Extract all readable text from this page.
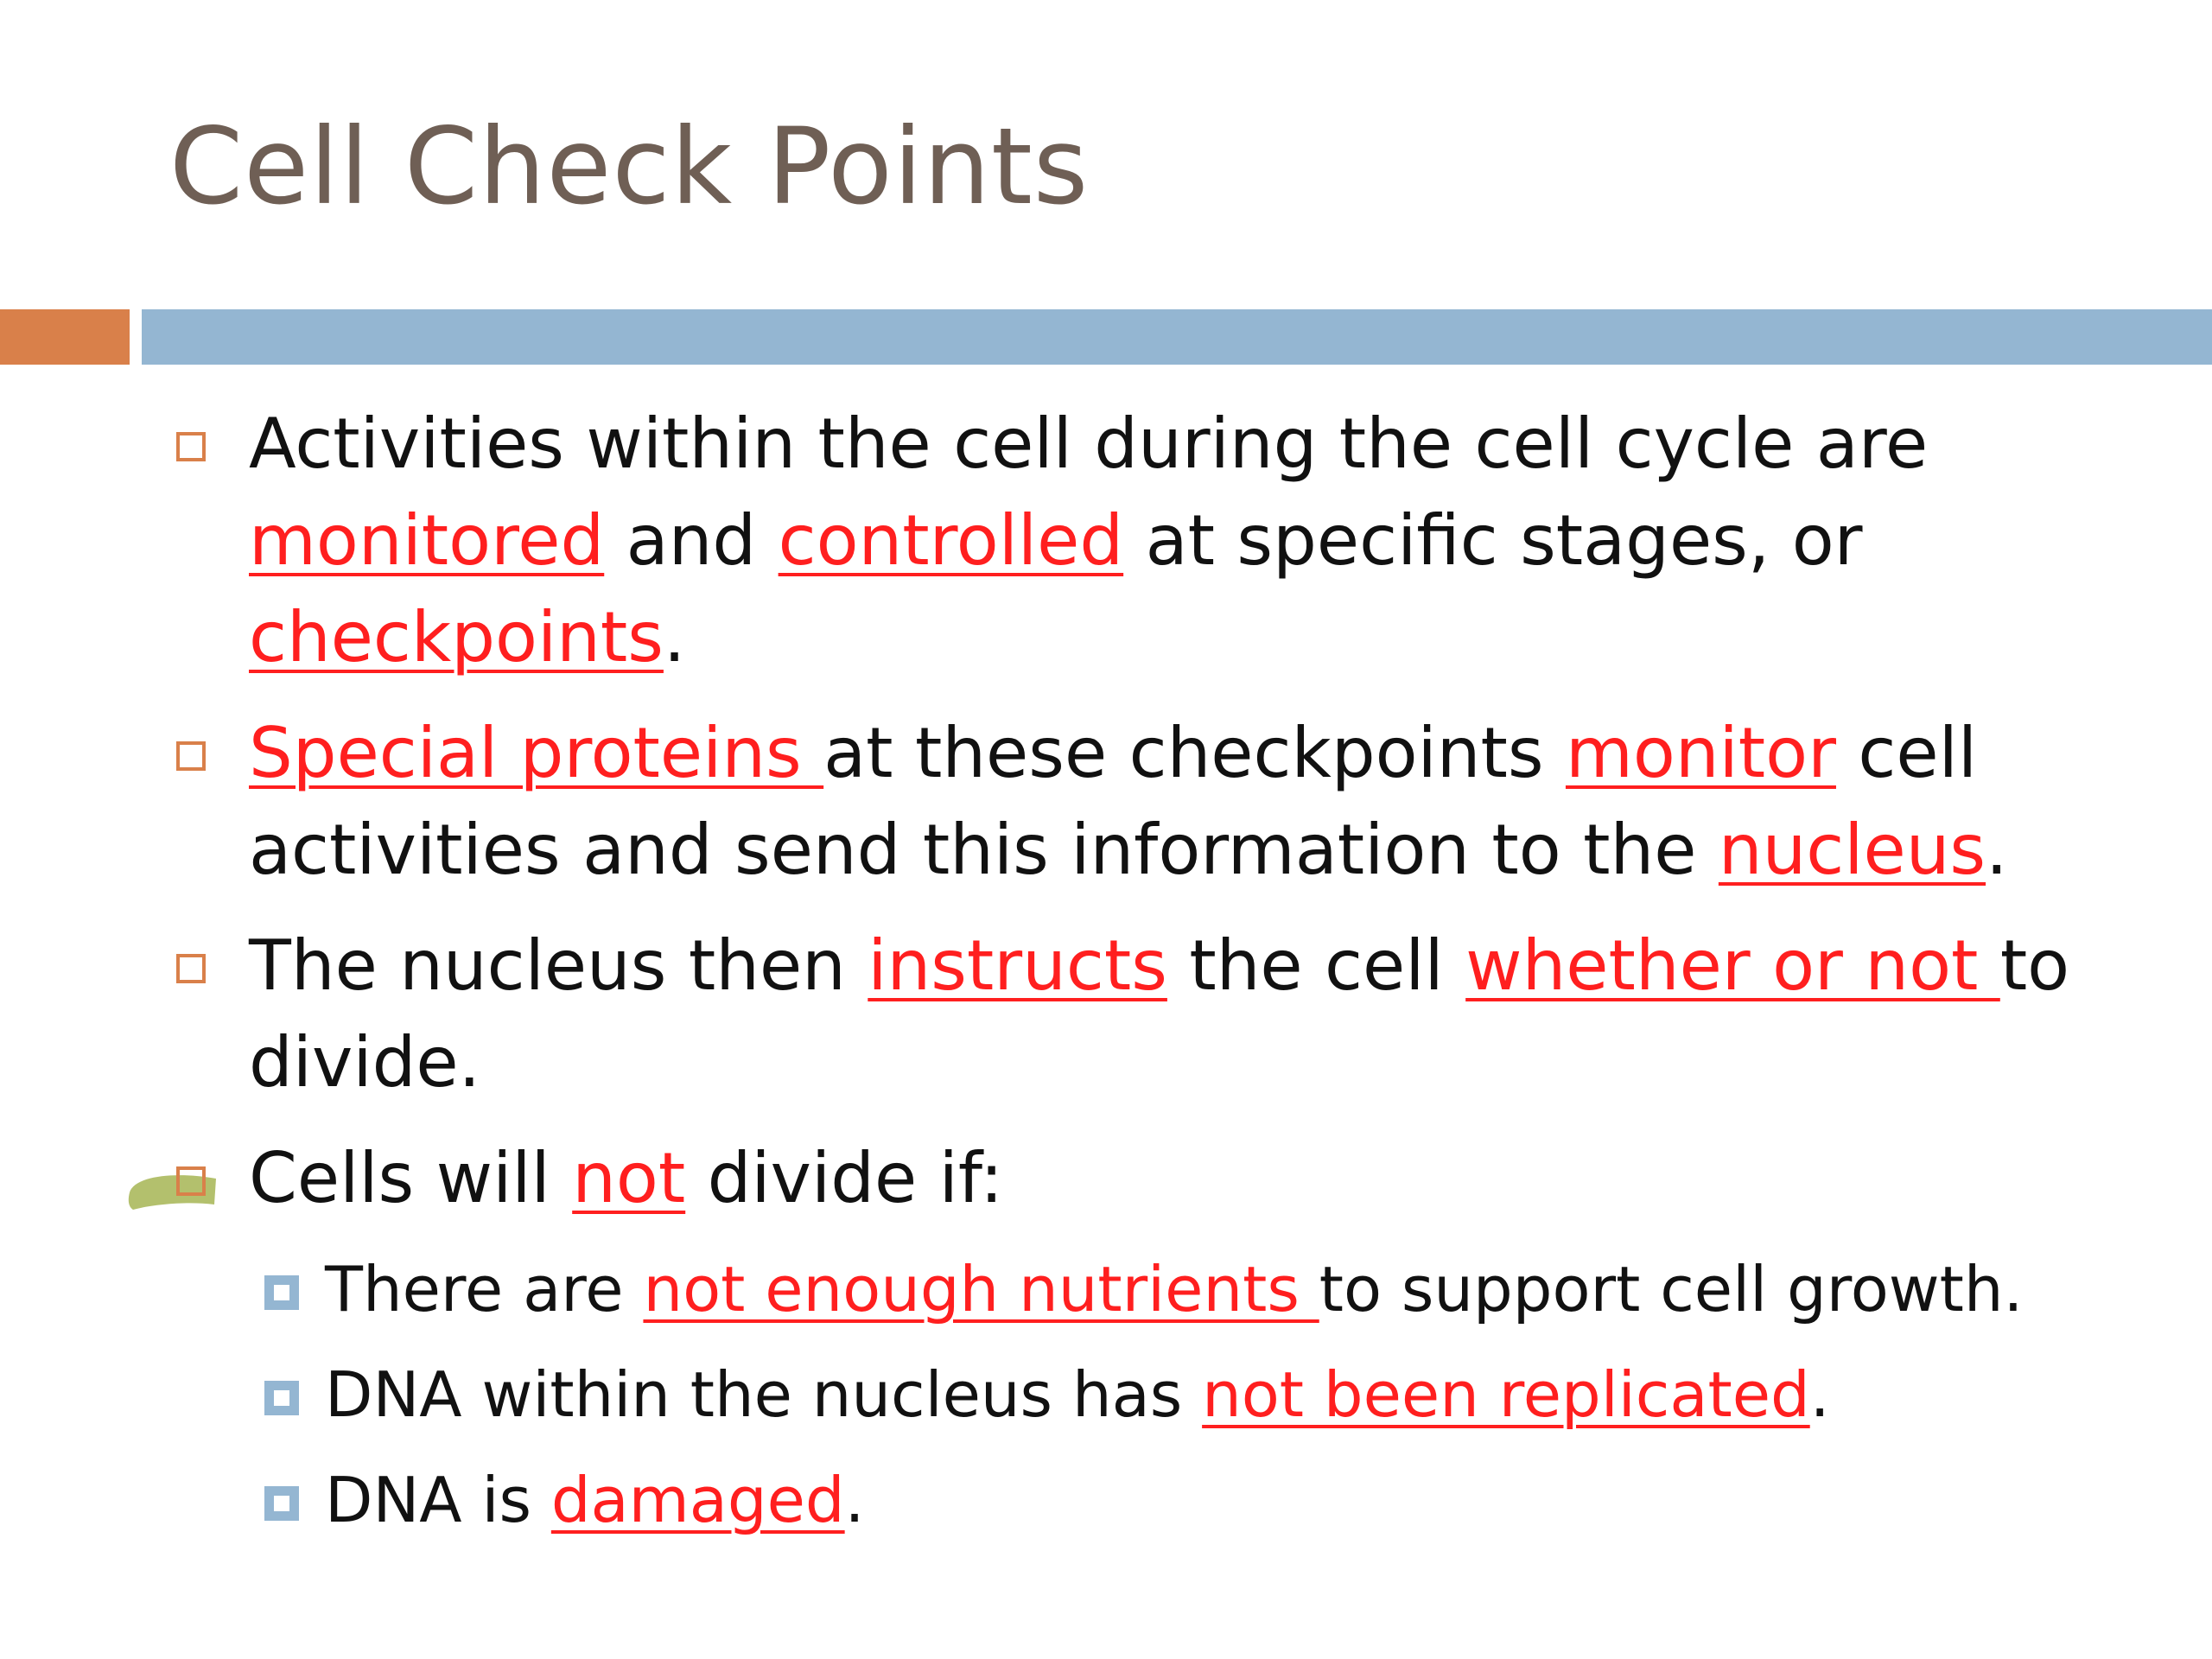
Cell Check Points
Activities within the cell during the cell cycle are monitored and controlled at specific stages, or checkpoints.
Special proteins at these checkpoints monitor cell activities and send this information to the nucleus.
The nucleus then instructs the cell whether or not to divide.
Cells will not divide if:
There are not enough nutrients to support cell growth.
DNA within the nucleus has not been replicated.
DNA is damaged.
